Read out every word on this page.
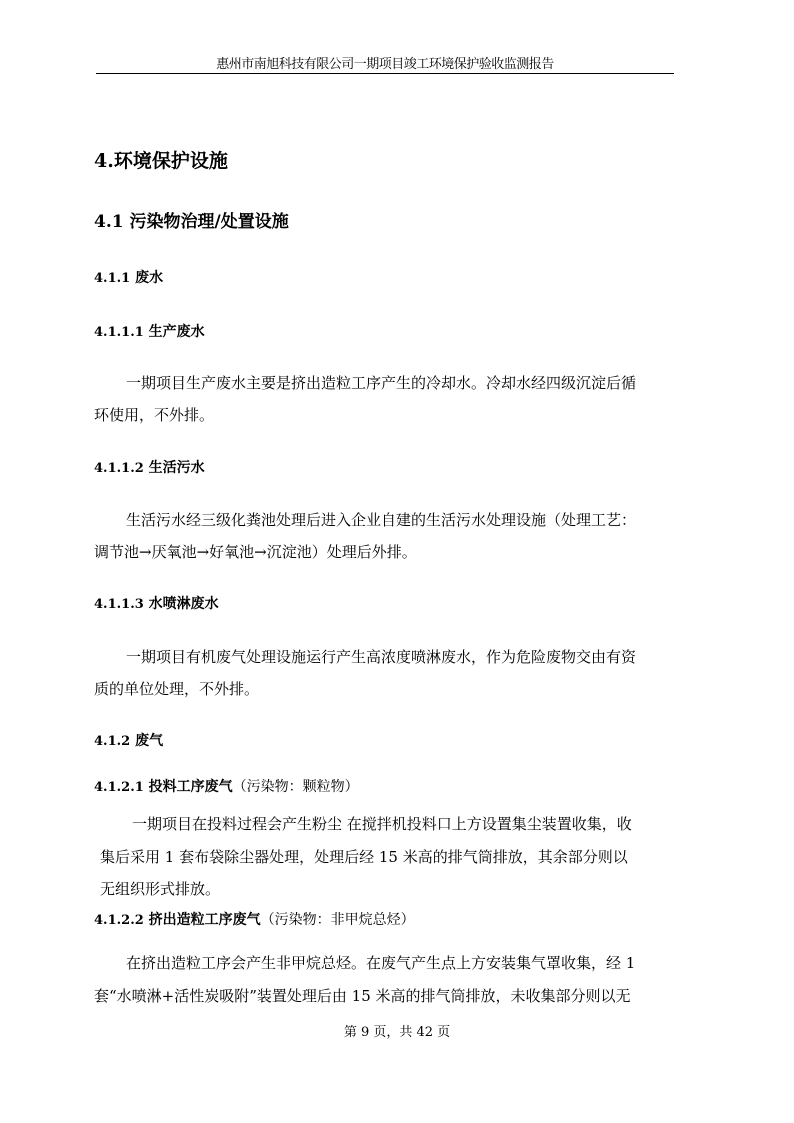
惠州市南旭科技有限公司一期项目竣工环境保护验收监测报告
4.环境保护设施
4.1 污染物治理/处置设施
4.1.1 废水
4.1.1.1 生产废水
一期项目生产废水主要是挤出造粒工序产生的冷却水。冷却水经四级沉淀后循
环使用，不外排。
4.1.1.2 生活污水
生活污水经三级化粪池处理后进入企业自建的生活污水处理设施（处理工艺：
调节池→厌氧池→好氧池→沉淀池）处理后外排。
4.1.1.3 水喷淋废水
一期项目有机废气处理设施运行产生高浓度喷淋废水，作为危险废物交由有资
质的单位处理，不外排。
4.1.2 废气
4.1.2.1 投料工序废气（污染物：颗粒物）
一期项目在投料过程会产生粉尘 在搅拌机投料口上方设置集尘装置收集，收
集后采用 1 套布袋除尘器处理，处理后经 15 米高的排气筒排放，其余部分则以
无组织形式排放。
4.1.2.2 挤出造粒工序废气（污染物：非甲烷总烃）
在挤出造粒工序会产生非甲烷总烃。在废气产生点上方安装集气罩收集，经 1
套“水喷淋+活性炭吸附”装置处理后由 15 米高的排气筒排放，未收集部分则以无
第 9 页，共 42 页
